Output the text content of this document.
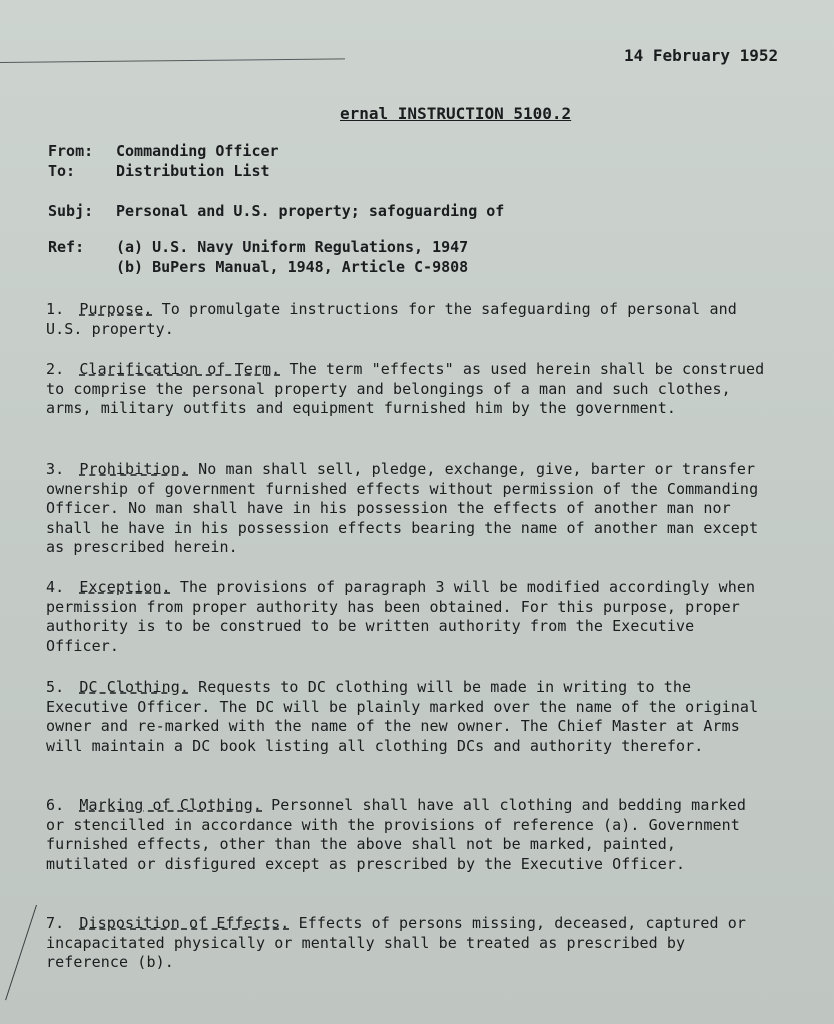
14 February 1952
ernal INSTRUCTION 5100.2
From: Commanding Officer
To:	Distribution List
Subj: Personal and U.S. property; safoguarding of
Ref: (a) U.S. Navy Uniform Regulations, 1947
(b) BuPers Manual, 1948, Article C-9808
1. Purpose. To promulgate instructions for the safeguarding of personal and U.S. property.
2. Clarification of Term. The term "effects" as used herein shall be construed to comprise the personal property and belongings of a man and such clothes, arms, military outfits and equipment furnished him by the government.
3. Prohibition. No man shall sell, pledge, exchange, give, barter or transfer ownership of government furnished effects without permission of the Commanding Officer. No man shall have in his possession the effects of another man nor shall he have in his possession effects bearing the name of another man except as prescribed herein.
4. Exception. The provisions of paragraph 3 will be modified accordingly when permission from proper authority has been obtained. For this purpose, proper authority is to be construed to be written authority from the Executive Officer.
5. DC Clothing. Requests to DC clothing will be made in writing to the Executive Officer. The DC will be plainly marked over the name of the original owner and re-marked with the name of the new owner. The Chief Master at Arms will maintain a DC book listing all clothing DCs and authority therefor.
6. Marking of Clothing. Personnel shall have all clothing and bedding marked or stencilled in accordance with the provisions of reference (a). Government furnished effects, other than the above shall not be marked, painted, mutilated or disfigured except as prescribed by the Executive Officer.
7. Disposition of Effects. Effects of persons missing, deceased, captured or incapacitated physically or mentally shall be treated as prescribed by reference (b).
